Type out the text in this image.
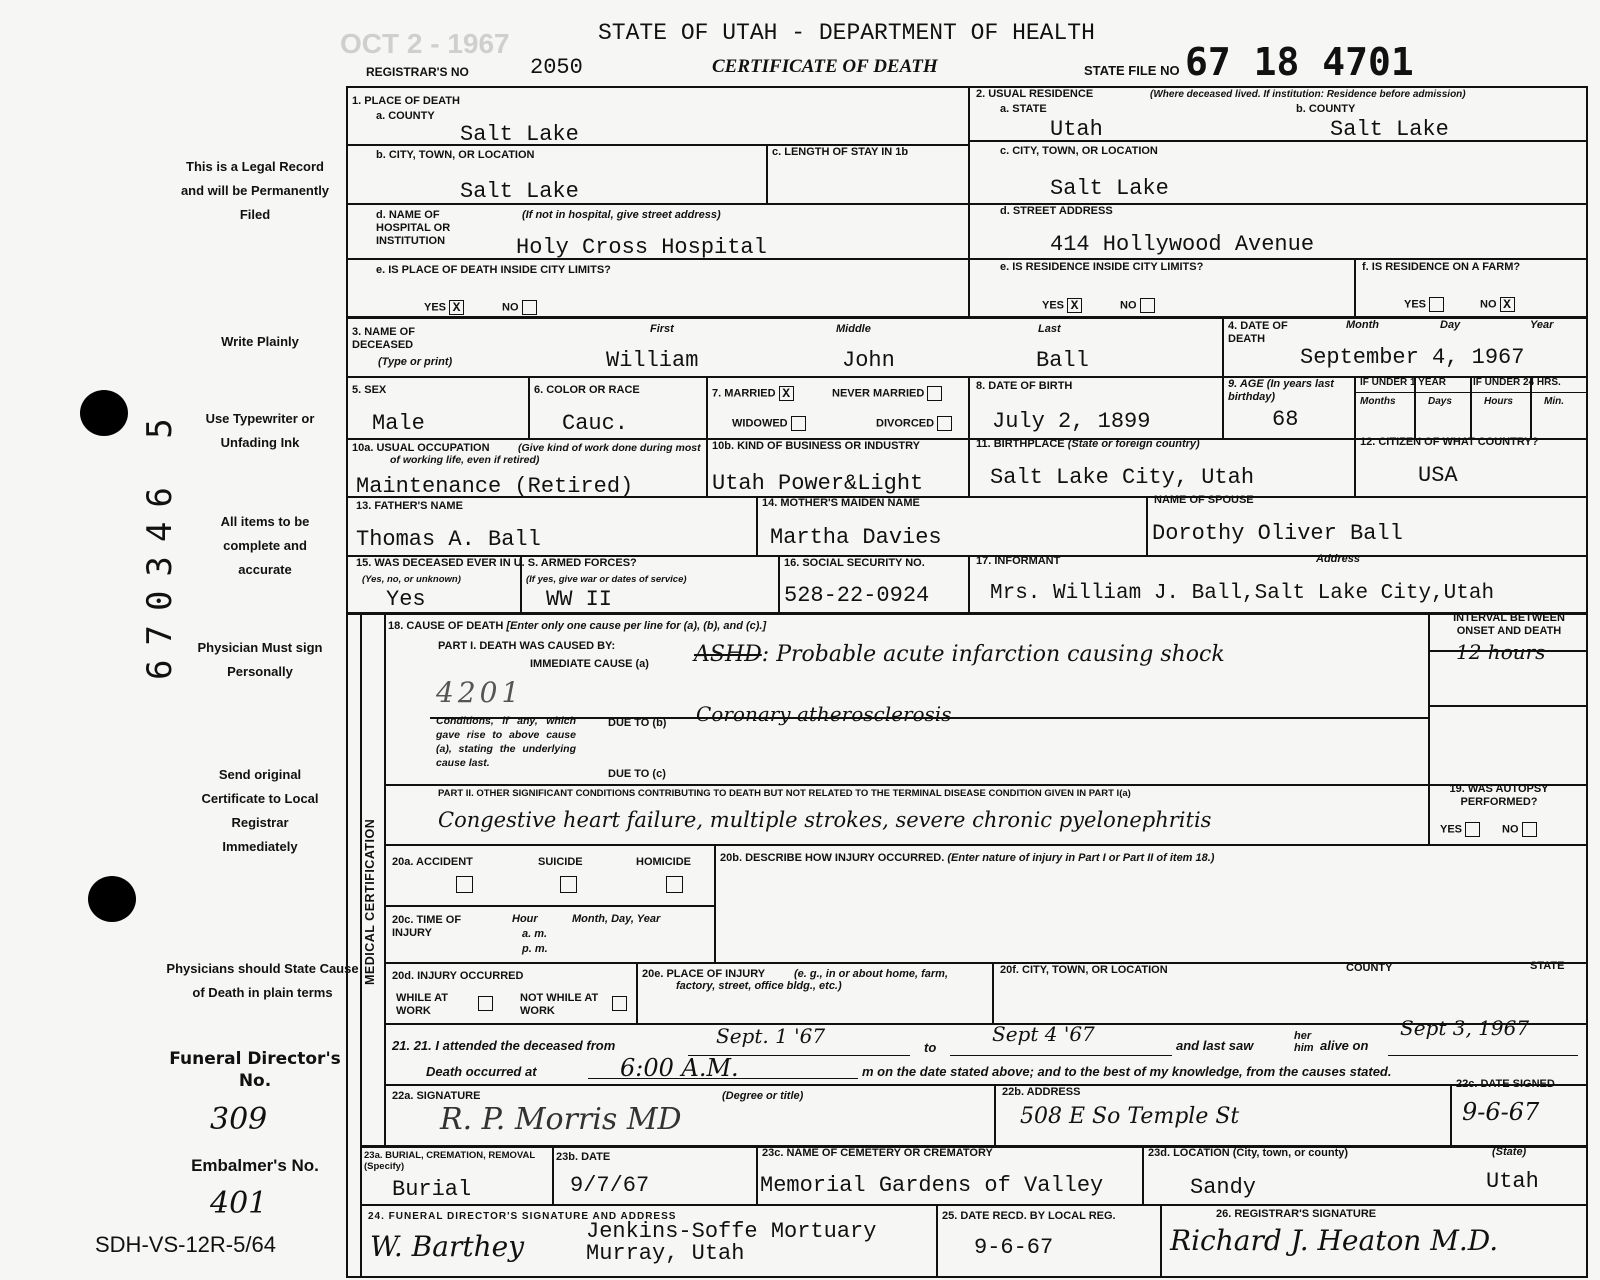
670346 5
This is a Legal Record and will be Permanently Filed
Write Plainly
Use Typewriter or Unfading Ink
All items to be complete and accurate
Physician Must sign Personally
Send original Certificate to Local Registrar Immediately
Physicians should State Cause of Death in plain terms
Funeral Director's No.
309
Embalmer's No.
401
SDH-VS-12R-5/64
OCT 2 - 1967	STATE OF UTAH - DEPARTMENT OF HEALTH
REGISTRAR'S NO	2050	CERTIFICATE OF DEATH	STATE FILE NO 67 18 4701
1. PLACE OF DEATH
a. COUNTY
Salt Lake
b. CITY, TOWN, OR LOCATION
Salt Lake
c. LENGTH OF STAY IN 1b
d. NAME OF HOSPITAL OR INSTITUTION
(If not in hospital, give street address)
Holy Cross Hospital
e. IS PLACE OF DEATH INSIDE CITY LIMITS?
YES X	NO
2. USUAL RESIDENCE	(Where deceased lived. If institution: Residence before admission)
a. STATE
Utah
b. COUNTY
Salt Lake
c. CITY, TOWN, OR LOCATION
Salt Lake
d. STREET ADDRESS
414 Hollywood Avenue
e. IS RESIDENCE INSIDE CITY LIMITS?
YES X	NO
f. IS RESIDENCE ON A FARM?
YES	NO X
3. NAME OF DECEASED
(Type or print)
First	Middle	Last
William	John	Ball
4. DATE OF DEATH
Month	Day	Year
September 4, 1967
5. SEX
Male
6. COLOR OR RACE
Cauc.
7. MARRIED X	NEVER MARRIED
WIDOWED	DIVORCED
8. DATE OF BIRTH
July 2, 1899
9. AGE (In years last birthday)
68
IF UNDER 1 YEAR	IF UNDER 24 HRS.
Months	Days	Hours	Min.
10a. USUAL OCCUPATION	(Give kind of work done during most of working life, even if retired)
Maintenance (Retired)
10b. KIND OF BUSINESS OR INDUSTRY
Utah Power&Light
11. BIRTHPLACE (State or foreign country)
Salt Lake City, Utah
12. CITIZEN OF WHAT COUNTRY?
USA
13. FATHER'S NAME
Thomas A. Ball
14. MOTHER'S MAIDEN NAME
Martha Davies
NAME OF SPOUSE
Dorothy Oliver Ball
15. WAS DECEASED EVER IN U. S. ARMED FORCES?
(Yes, no, or unknown)	(If yes, give war or dates of service)
Yes	WW II
16. SOCIAL SECURITY NO.
528-22-0924
17. INFORMANT	Address
Mrs. William J. Ball,Salt Lake City,Utah
MEDICAL CERTIFICATION
18. CAUSE OF DEATH [Enter only one cause per line for (a), (b), and (c).]
PART I. DEATH WAS CAUSED BY:
IMMEDIATE CAUSE (a) ASHD: Probable acute infarction causing shock
4201
Conditions, if any, which gave rise to above cause (a), stating the underlying cause last.
DUE TO (b) Coronary atherosclerosis
DUE TO (c)
PART II. OTHER SIGNIFICANT CONDITIONS CONTRIBUTING TO DEATH BUT NOT RELATED TO THE TERMINAL DISEASE CONDITION GIVEN IN PART I(a)
Congestive heart failure, multiple strokes, severe chronic pyelonephritis
INTERVAL BETWEEN ONSET AND DEATH
12 hours
19. WAS AUTOPSY PERFORMED?
YES	NO
20a. ACCIDENT	SUICIDE	HOMICIDE	20b. DESCRIBE HOW INJURY OCCURRED. (Enter nature of injury in Part I or Part II of item 18.)
20c. TIME OF INJURY
Hour
a. m.
p. m.
Month, Day, Year
20d. INJURY OCCURRED
WHILE AT WORK
NOT WHILE AT WORK
20e. PLACE OF INJURY	(e. g., in or about home, farm, factory, street, office bldg., etc.)
20f. CITY, TOWN, OR LOCATION	COUNTY	STATE
21. 21. I attended the deceased from	Sept. 1 '67	to
Sept 4 '67	and last saw
her him alive on
Sept 3, 1967
Death occurred at	6:00 A.M.	m on the date stated above; and to the best of my knowledge, from the causes stated.
22a. SIGNATURE	(Degree or title)
R. P. Morris MD
22b. ADDRESS
508 E So Temple St
22c. DATE SIGNED
9-6-67
23a. BURIAL, CREMATION, REMOVAL (Specify)
Burial
23b. DATE
9/7/67
23c. NAME OF CEMETERY OR CREMATORY
Memorial Gardens of Valley
23d. LOCATION (City, town, or county)	(State)
Sandy	Utah
24. FUNERAL DIRECTOR'S SIGNATURE AND ADDRESS
W. Barthey	Jenkins-Soffe Mortuary
Murray, Utah
25. DATE RECD. BY LOCAL REG.
9-6-67
26. REGISTRAR'S SIGNATURE
Richard J. Heaton M.D.
